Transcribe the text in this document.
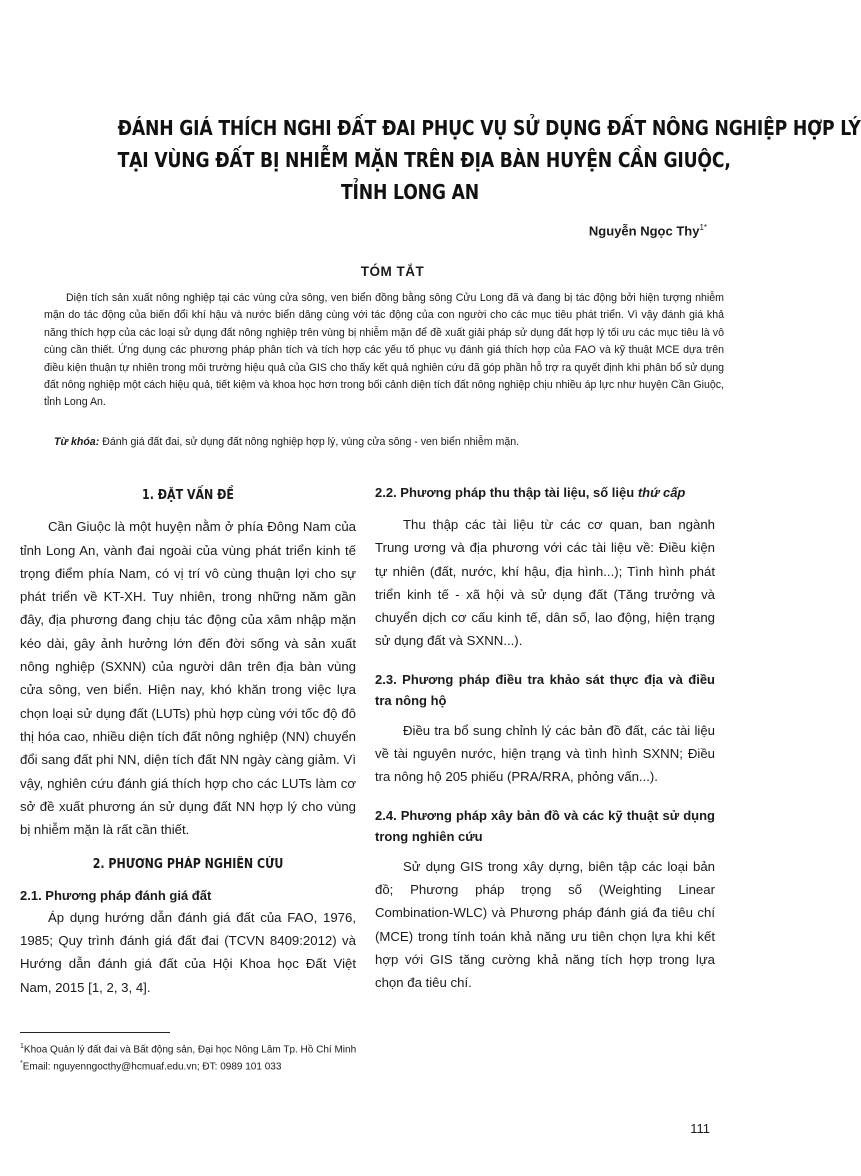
ĐÁNH GIÁ THÍCH NGHI ĐẤT ĐAI PHỤC VỤ SỬ DỤNG ĐẤT NÔNG NGHIỆP HỢP LÝ
TẠI VÙNG ĐẤT BỊ NHIỄM MẶN TRÊN ĐỊA BÀN HUYỆN CẦN GIUỘC,
TỈNH LONG AN
Nguyễn Ngọc Thy$^{1*}$
TÓM TẮT
Diện tích sản xuất nông nghiệp tại các vùng cửa sông, ven biển đồng bằng sông Cửu Long đã và đang bị tác động bởi hiện tượng nhiễm mặn do tác động của biến đổi khí hậu và nước biển dâng cùng với tác động của con người cho các mục tiêu phát triển. Vì vậy đánh giá khả năng thích hợp của các loại sử dụng đất nông nghiệp trên vùng bị nhiễm mặn để đề xuất giải pháp sử dụng đất hợp lý tối ưu các mục tiêu là vô cùng cần thiết. Ứng dụng các phương pháp phân tích và tích hợp các yếu tố phục vụ đánh giá thích hợp của FAO và kỹ thuật MCE dựa trên điều kiện thuận tự nhiên trong môi trường hiệu quả của GIS cho thấy kết quả nghiên cứu đã góp phần hỗ trợ ra quyết định khi phân bổ sử dụng đất nông nghiệp một cách hiệu quả, tiết kiệm và khoa học hơn trong bối cảnh diện tích đất nông nghiệp chịu nhiều áp lực như huyện Cần Giuộc, tỉnh Long An.
Từ khóa: Đánh giá đất đai, sử dụng đất nông nghiệp hợp lý, vùng cửa sông - ven biển nhiễm mặn.
1. ĐẶT VẤN ĐỀ

Cần Giuộc là một huyện nằm ở phía Đông Nam của tỉnh Long An, vành đai ngoài của vùng phát triển kinh tế trọng điểm phía Nam, có vị trí vô cùng thuận lợi cho sự phát triển về KT-XH. Tuy nhiên, trong những năm gần đây, địa phương đang chịu tác động của xâm nhập mặn kéo dài, gây ảnh hưởng lớn đến đời sống và sản xuất nông nghiệp (SXNN) của người dân trên địa bàn vùng cửa sông, ven biển. Hiện nay, khó khăn trong việc lựa chọn loại sử dụng đất (LUTs) phù hợp cùng với tốc độ đô thị hóa cao, nhiều diện tích đất nông nghiệp (NN) chuyển đổi sang đất phi NN, diện tích đất NN ngày càng giảm. Vì vậy, nghiên cứu đánh giá thích hợp cho các LUTs làm cơ sở đề xuất phương án sử dụng đất NN hợp lý cho vùng bị nhiễm mặn là rất cần thiết.

2. PHƯƠNG PHÁP NGHIÊN CỨU

2.1. Phương pháp đánh giá đất

Áp dụng hướng dẫn đánh giá đất của FAO, 1976, 1985; Quy trình đánh giá đất đai (TCVN 8409:2012) và Hướng dẫn đánh giá đất của Hội Khoa học Đất Việt Nam, 2015 [1, 2, 3, 4].

2.2. Phương pháp thu thập tài liệu, số liệu thứ cấp

Thu thập các tài liệu từ các cơ quan, ban ngành Trung ương và địa phương với các tài liệu về: Điều kiện tự nhiên (đất, nước, khí hậu, địa hình...); Tình hình phát triển kinh tế - xã hội và sử dụng đất (Tăng trưởng và chuyển dịch cơ cấu kinh tế, dân số, lao động, hiện trạng sử dụng đất và SXNN...).

2.3. Phương pháp điều tra khảo sát thực địa và điều tra nông hộ

Điều tra bổ sung chỉnh lý các bản đồ đất, các tài liệu về tài nguyên nước, hiện trạng và tình hình SXNN; Điều tra nông hộ 205 phiếu (PRA/RRA, phỏng vấn...).

2.4. Phương pháp xây bản đồ và các kỹ thuật sử dụng trong nghiên cứu

Sử dụng GIS trong xây dựng, biên tập các loại bản đồ; Phương pháp trọng số (Weighting Linear Combination-WLC) và Phương pháp đánh giá đa tiêu chí (MCE) trong tính toán khả năng ưu tiên chọn lựa khi kết hợp với GIS tăng cường khả năng tích hợp trong lựa chọn đa tiêu chí.

$^1$Khoa Quản lý đất đai và Bất động sản, Đại học Nông Lâm Tp. Hồ Chí Minh
*Email: nguyenngocthy@hcmuaf.edu.vn; ĐT: 0989 101 033
111
